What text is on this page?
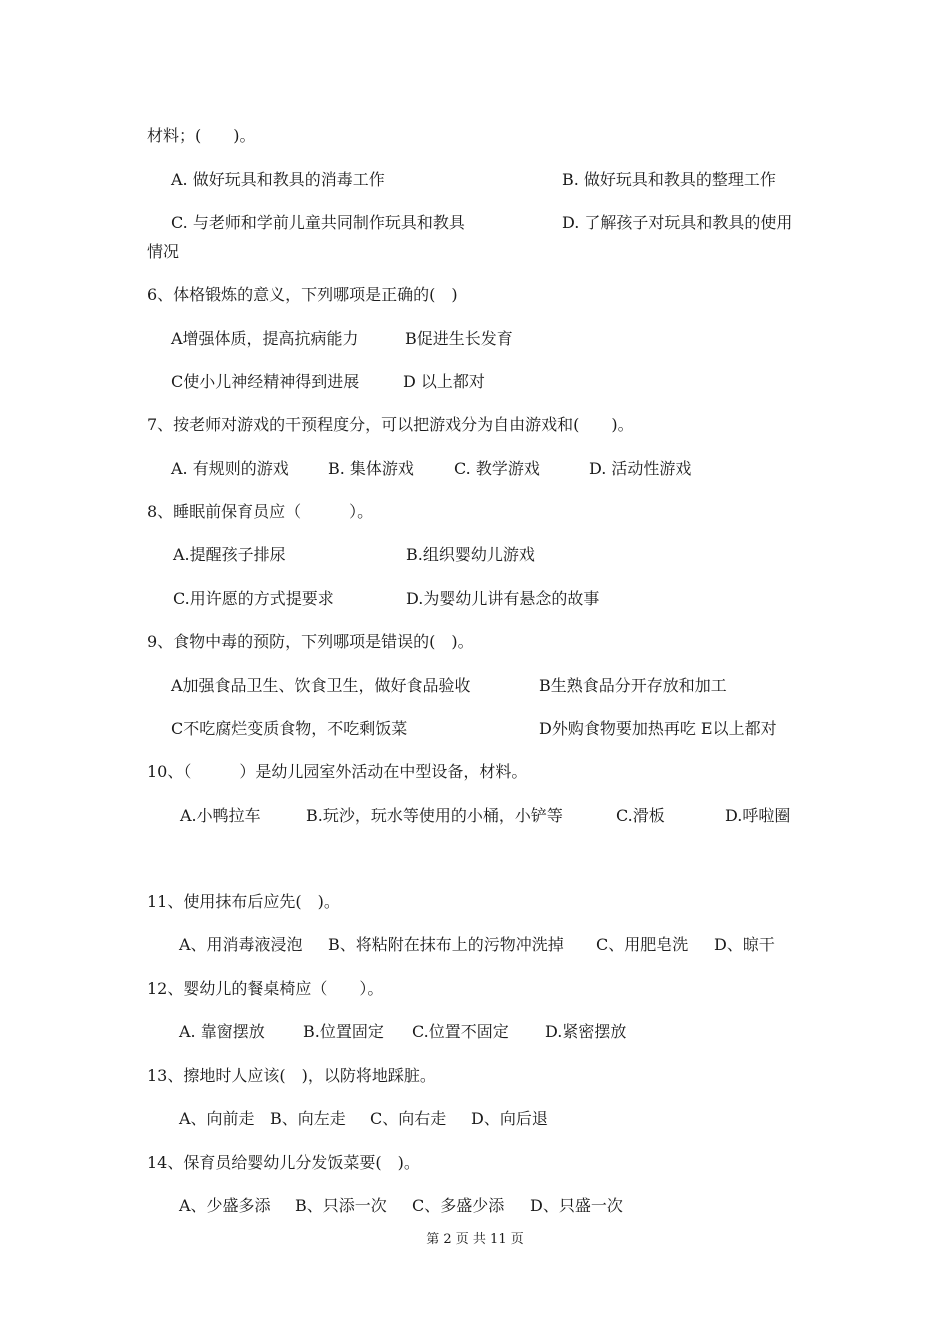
材料；(　　)。
A. 做好玩具和教具的消毒工作	B. 做好玩具和教具的整理工作
C. 与老师和学前儿童共同制作玩具和教具	D. 了解孩子对玩具和教具的使用
情况
6、体格锻炼的意义，下列哪项是正确的(　)
A增强体质，提高抗病能力	B促进生长发育
C使小儿神经精神得到进展	D 以上都对
7、按老师对游戏的干预程度分，可以把游戏分为自由游戏和(　　)。
A. 有规则的游戏 B. 集体游戏	C. 教学游戏	D. 活动性游戏
8、睡眠前保育员应（　　　）。
A.提醒孩子排尿	B.组织婴幼儿游戏
C.用许愿的方式提要求	D.为婴幼儿讲有悬念的故事
9、食物中毒的预防，下列哪项是错误的(　)。
A加强食品卫生、饮食卫生，做好食品验收	B生熟食品分开存放和加工
C不吃腐烂变质食物，不吃剩饭菜	D外购食物要加热再吃 E以上都对
10、（　　　）是幼儿园室外活动在中型设备，材料。
A.小鸭拉车	B.玩沙，玩水等使用的小桶，小铲等	C.滑板	D.呼啦圈
11、使用抹布后应先(　)。
A、用消毒液浸泡 B、将粘附在抹布上的污物冲洗掉 C、用肥皂洗 D、晾干
12、婴幼儿的餐桌椅应（　　）。
A. 靠窗摆放 B.位置固定 C.位置不固定 D.紧密摆放
13、擦地时人应该(　)，以防将地踩脏。
A、向前走 B、向左走 C、向右走 D、向后退
14、保育员给婴幼儿分发饭菜要(　)。
A、少盛多添 B、只添一次 C、多盛少添 D、只盛一次
第 2 页 共 11 页
